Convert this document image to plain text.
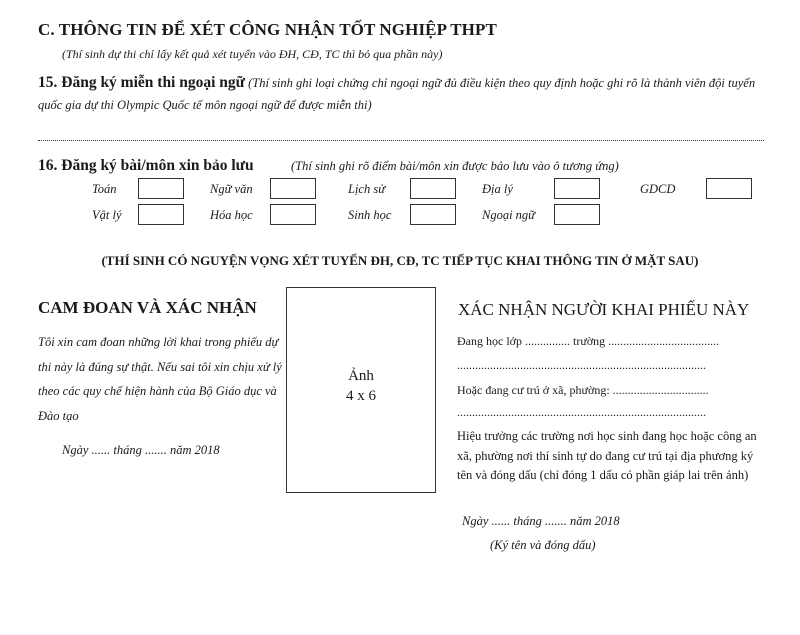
C. THÔNG TIN ĐỂ XÉT CÔNG NHẬN TỐT NGHIỆP THPT
(Thí sinh dự thi chỉ lấy kết quả xét tuyển vào ĐH, CĐ, TC thì bỏ qua phần này)
15. Đăng ký miễn thi ngoại ngữ (Thí sinh ghi loại chứng chỉ ngoại ngữ đủ điều kiện theo quy định hoặc ghi rõ là thành viên đội tuyển quốc gia dự thi Olympic Quốc tế môn ngoại ngữ để được miễn thi)
16. Đăng ký bài/môn xin bảo lưu	(Thí sinh ghi rõ điểm bài/môn xin được bảo lưu vào ô tương ứng)
Toán	Ngữ văn	Lịch sử	Địa lý	GDCD
Vật lý	Hóa học	Sinh học	Ngoại ngữ
(THÍ SINH CÓ NGUYỆN VỌNG XÉT TUYỂN ĐH, CĐ, TC TIẾP TỤC KHAI THÔNG TIN Ở MẶT SAU)
CAM ĐOAN VÀ XÁC NHẬN
Tôi xin cam đoan những lời khai trong phiếu dự thi này là đúng sự thật. Nếu sai tôi xin chịu xử lý theo các quy chế hiện hành của Bộ Giáo dục và Đào tạo
Ngày ...... tháng ....... năm 2018
Ảnh
4 x 6
XÁC NHẬN NGƯỜI KHAI PHIẾU NÀY
Đang học lớp ............... trường .....................................
...................................................................................
Hoặc đang cư trú ở xã, phường: ................................
...................................................................................
Hiệu trưởng các trường nơi học sinh đang học hoặc công an xã, phường nơi thí sinh tự do đang cư trú tại địa phương ký tên và đóng dấu (chỉ đóng 1 dấu có phần giáp lai trên ảnh)
Ngày ...... tháng ....... năm 2018
(Ký tên và đóng dấu)
